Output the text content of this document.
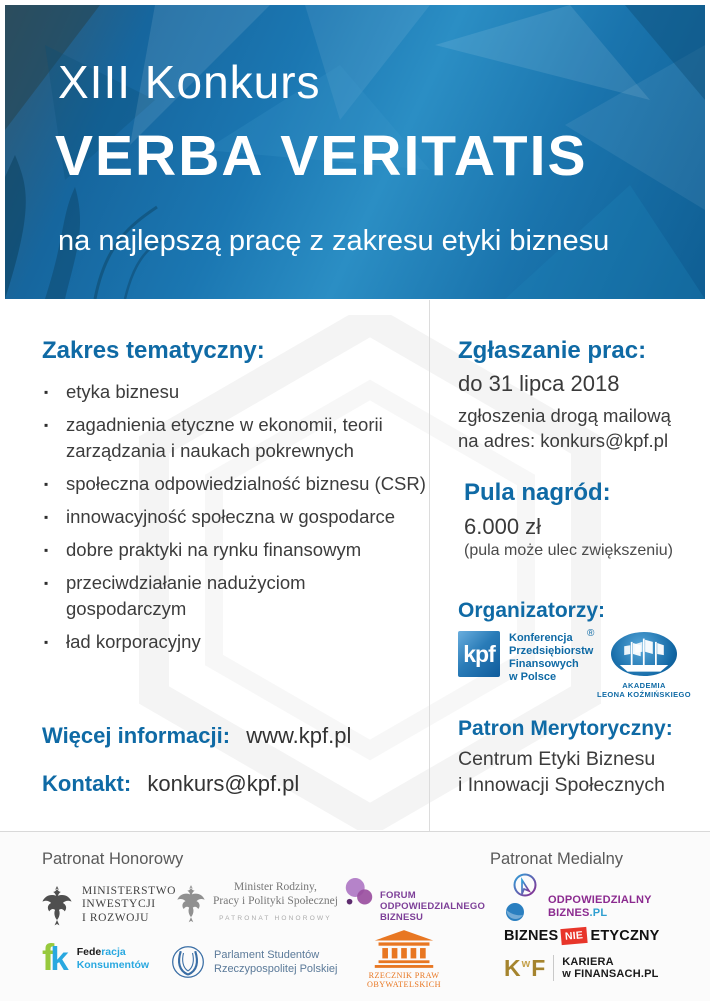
XIII Konkurs
VERBA VERITATIS
na najlepszą pracę z zakresu etyki biznesu
Zakres tematyczny:
▪ etyka biznesu
▪ zagadnienia etyczne w ekonomii, teorii
zarządzania i naukach pokrewnych
▪ społeczna odpowiedzialność biznesu (CSR)
▪ innowacyjność społeczna w gospodarce
▪ dobre praktyki na rynku finansowym
▪ przeciwdziałanie nadużyciom
gospodarczym
▪ ład korporacyjny
Więcej informacji: www.kpf.pl
Kontakt: konkurs@kpf.pl
Zgłaszanie prac:
do 31 lipca 2018
zgłoszenia drogą mailową
na adres: konkurs@kpf.pl
Pula nagród:
6.000 zł
(pula może ulec zwiększeniu)
Organizatorzy:
kpf
®
Konferencja
Przedsiębiorstw
Finansowych
w Polsce
AKADEMIA
LEONA KOŹMIŃSKIEGO
Patron Merytoryczny:
Centrum Etyki Biznesu
i Innowacji Społecznych
Patronat Honorowy	Patronat Medialny
MINISTERSTWO
INWESTYCJI
I ROZWOJU
Minister Rodziny,
Pracy i Polityki Społecznej
PATRONAT HONOROWY
FORUM
ODPOWIEDZIALNEGO
BIZNESU
ODPOWIEDZIALNY
BIZNES.PL
f
k Federacja
Konsumentów
Parlament Studentów
Rzeczypospolitej Polskiej
RZECZNIK PRAW OBYWATELSKICH
BIZNES NIE ETYCZNY
K w F KARIERA
w FINANSACH.PL
